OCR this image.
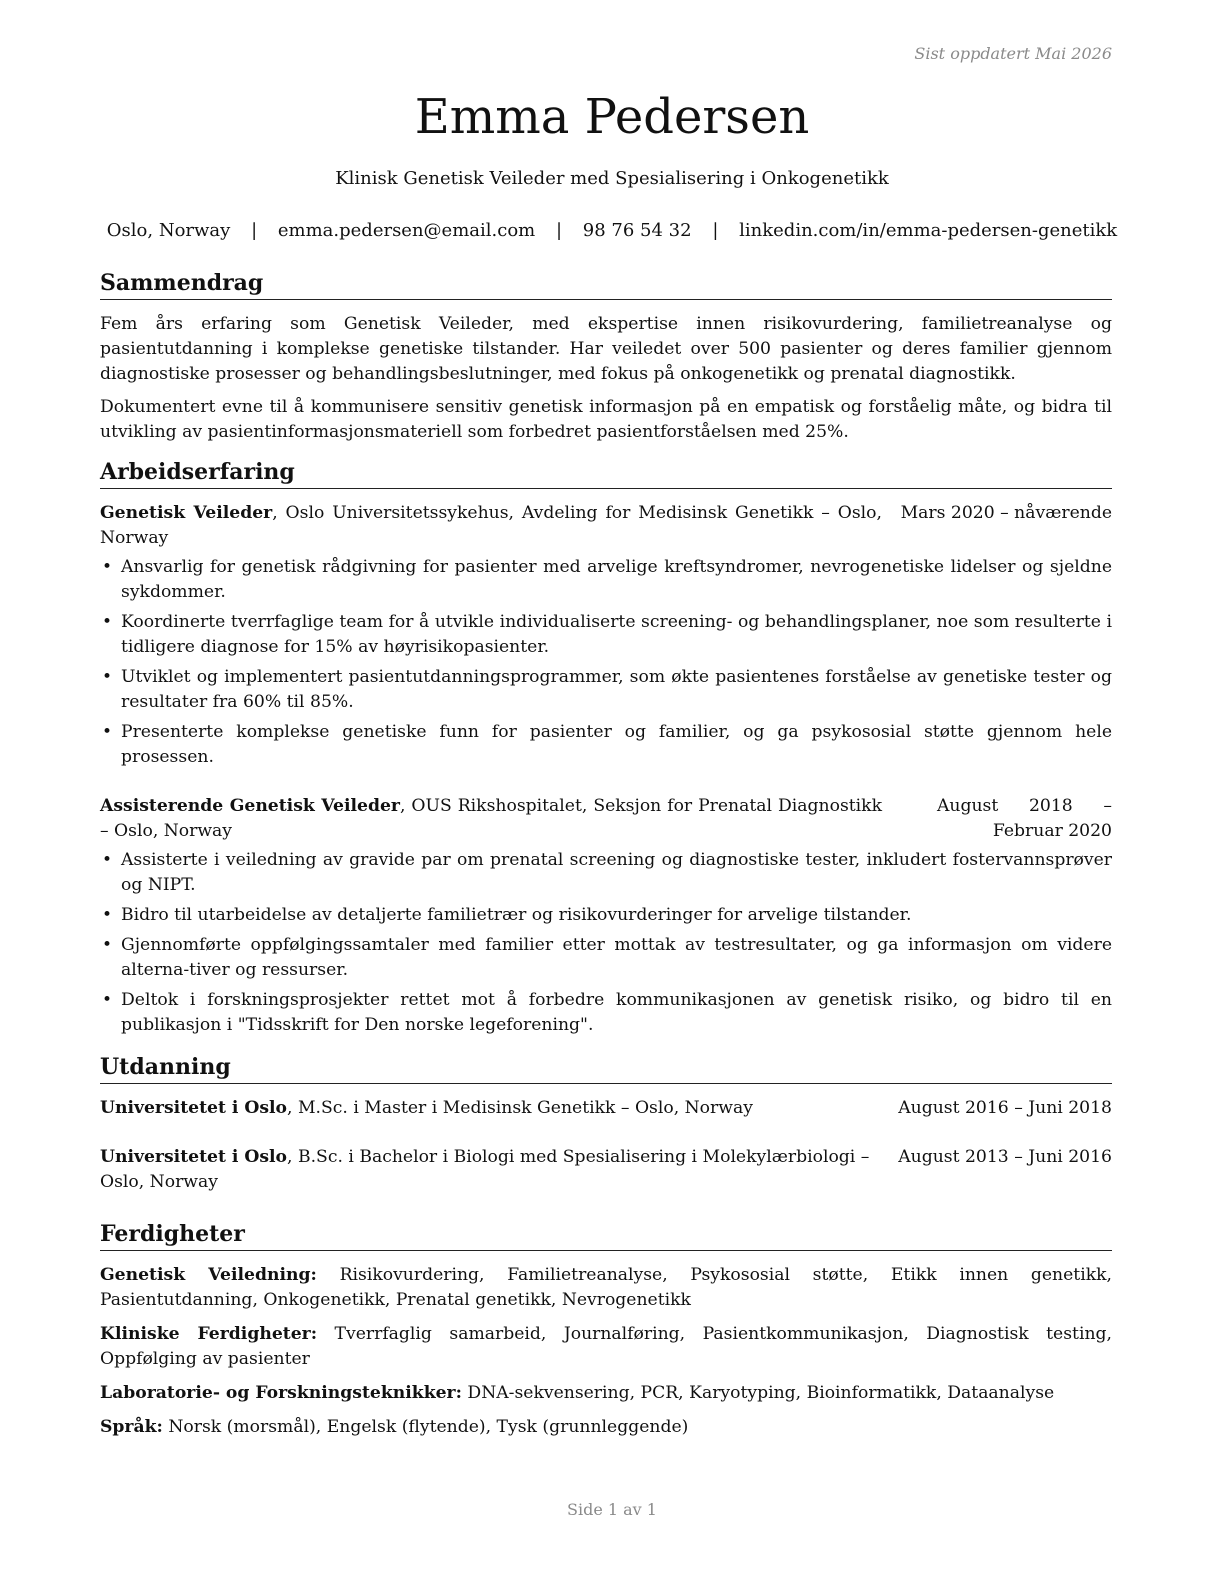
Sist oppdatert Mai 2026
Emma Pedersen
Klinisk Genetisk Veileder med Spesialisering i Onkogenetikk
Oslo, Norway | emma.pedersen@email.com | 98 76 54 32 | linkedin.com/in/emma-pedersen-genetikk
Sammendrag

Fem års erfaring som Genetisk Veileder, med ekspertise innen risikovurdering, familietreanalyse og pasientutdanning i komplekse genetiske tilstander. Har veiledet over 500 pasienter og deres familier gjennom diagnostiske prosesser og behandlingsbeslutninger, med fokus på onkogenetikk og prenatal diagnostikk.

Dokumentert evne til å kommunisere sensitiv genetisk informasjon på en empatisk og forståelig måte, og bidra til utvikling av pasientinformasjonsmateriell som forbedret pasientforståelsen med 25%.

Arbeidserfaring
Genetisk Veileder, Oslo Universitetssykehus, Avdeling for Medisinsk Genetikk – Oslo, Norway
Mars 2020 – nåværende
• Ansvarlig for genetisk rådgivning for pasienter med arvelige kreftsyndromer, nevrogenetiske lidelser og sjeldne sykdommer.
• Koordinerte tverrfaglige team for å utvikle individualiserte screening- og behandlingsplaner, noe som resulterte i tidligere diagnose for 15% av høyrisikopasienter.
• Utviklet og implementert pasientutdanningsprogrammer, som økte pasientenes forståelse av genetiske tester og resultater fra 60% til 85%.
• Presenterte komplekse genetiske funn for pasienter og familier, og ga psykososial støtte gjennom hele prosessen.
Assisterende Genetisk Veileder, OUS Rikshospitalet, Seksjon for Prenatal Diagnostikk – Oslo, Norway
August 2018 – Februar 2020
• Assisterte i veiledning av gravide par om prenatal screening og diagnostiske tester, inkludert fostervannsprøver og NIPT.
• Bidro til utarbeidelse av detaljerte familietrær og risikovurderinger for arvelige tilstander.
• Gjennomførte oppfølgingssamtaler med familier etter mottak av testresultater, og ga informasjon om videre alterna-tiver og ressurser.
• Deltok i forskningsprosjekter rettet mot å forbedre kommunikasjonen av genetisk risiko, og bidro til en publikasjon i "Tidsskrift for Den norske legeforening".
Utdanning
Universitetet i Oslo, M.Sc. i Master i Medisinsk Genetikk – Oslo, Norway	August 2016 – Juni 2018
Universitetet i Oslo, B.Sc. i Bachelor i Biologi med Spesialisering i Molekylærbiologi – Oslo, Norway
August 2013 – Juni 2016
Ferdigheter
Genetisk Veiledning: Risikovurdering, Familietreanalyse, Psykososial støtte, Etikk innen genetikk, Pasientutdanning, Onkogenetikk, Prenatal genetikk, Nevrogenetikk
Kliniske Ferdigheter: Tverrfaglig samarbeid, Journalføring, Pasientkommunikasjon, Diagnostisk testing, Oppfølging av pasienter
Laboratorie- og Forskningsteknikker: DNA-sekvensering, PCR, Karyotyping, Bioinformatikk, Dataanalyse
Språk: Norsk (morsmål), Engelsk (flytende), Tysk (grunnleggende)
Side 1 av 1
